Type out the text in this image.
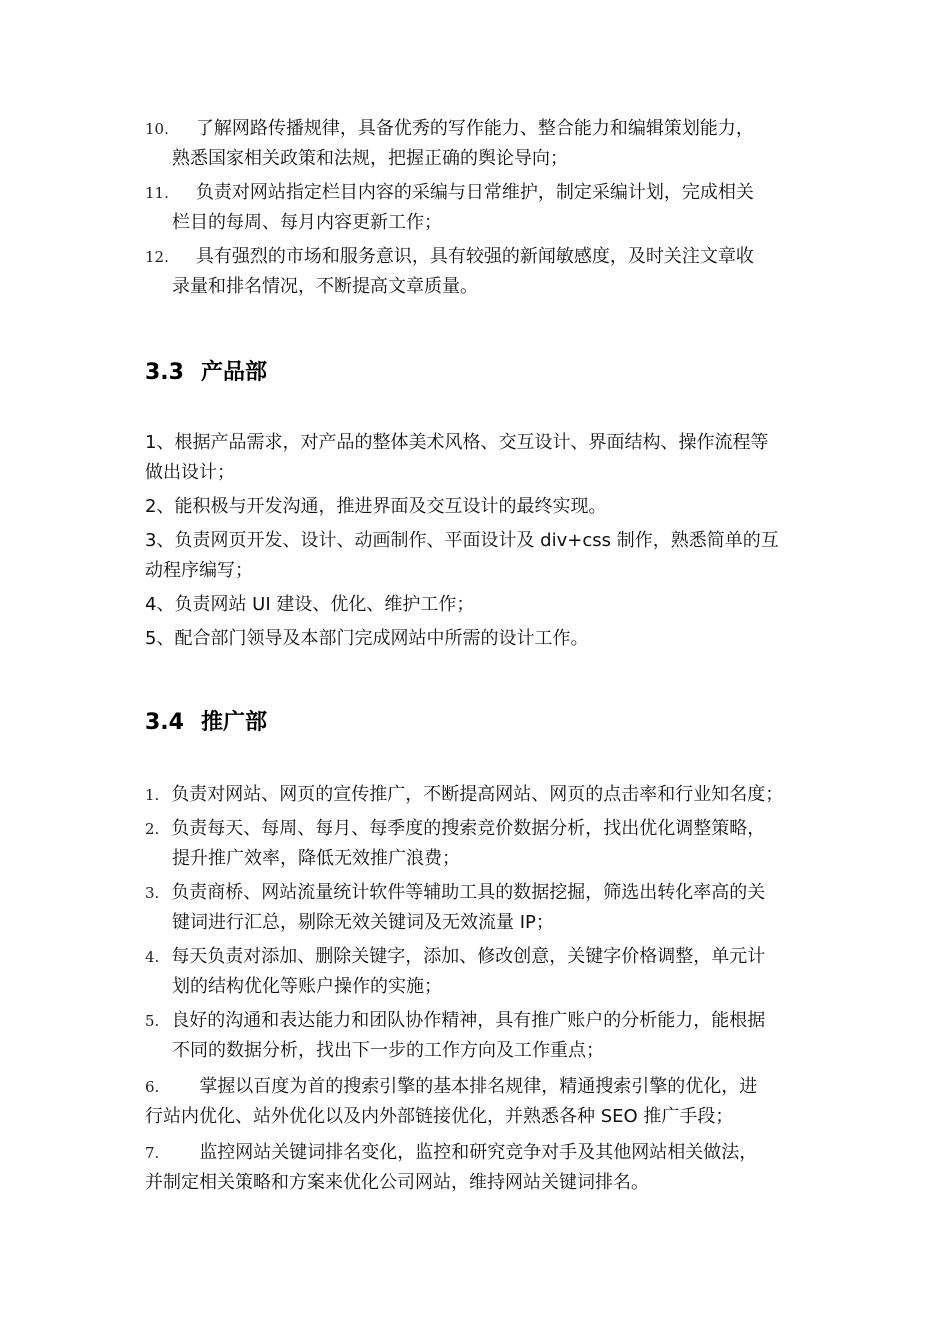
10. 了解网路传播规律，具备优秀的写作能力、整合能力和编辑策划能力，
熟悉国家相关政策和法规，把握正确的舆论导向；
11. 负责对网站指定栏目内容的采编与日常维护，制定采编计划，完成相关
栏目的每周、每月内容更新工作；
12. 具有强烈的市场和服务意识，具有较强的新闻敏感度，及时关注文章收
录量和排名情况，不断提高文章质量。
3.3 产品部
1、根据产品需求，对产品的整体美术风格、交互设计、界面结构、操作流程等
做出设计；
2、能积极与开发沟通，推进界面及交互设计的最终实现。
3、负责网页开发、设计、动画制作、平面设计及 div+css 制作，熟悉简单的互
动程序编写；
4、负责网站 UI 建设、优化、维护工作；
5、配合部门领导及本部门完成网站中所需的设计工作。
3.4 推广部
1. 负责对网站、网页的宣传推广，不断提高网站、网页的点击率和行业知名度；
2. 负责每天、每周、每月、每季度的搜索竞价数据分析，找出优化调整策略，
提升推广效率，降低无效推广浪费；
3. 负责商桥、网站流量统计软件等辅助工具的数据挖掘，筛选出转化率高的关
键词进行汇总，剔除无效关键词及无效流量 IP；
4. 每天负责对添加、删除关键字，添加、修改创意，关键字价格调整，单元计
划的结构优化等账户操作的实施；
5. 良好的沟通和表达能力和团队协作精神，具有推广账户的分析能力，能根据
不同的数据分析，找出下一步的工作方向及工作重点；
6. 掌握以百度为首的搜索引擎的基本排名规律，精通搜索引擎的优化，进
行站内优化、站外优化以及内外部链接优化，并熟悉各种 SEO 推广手段；
7. 监控网站关键词排名变化，监控和研究竞争对手及其他网站相关做法，
并制定相关策略和方案来优化公司网站，维持网站关键词排名。
